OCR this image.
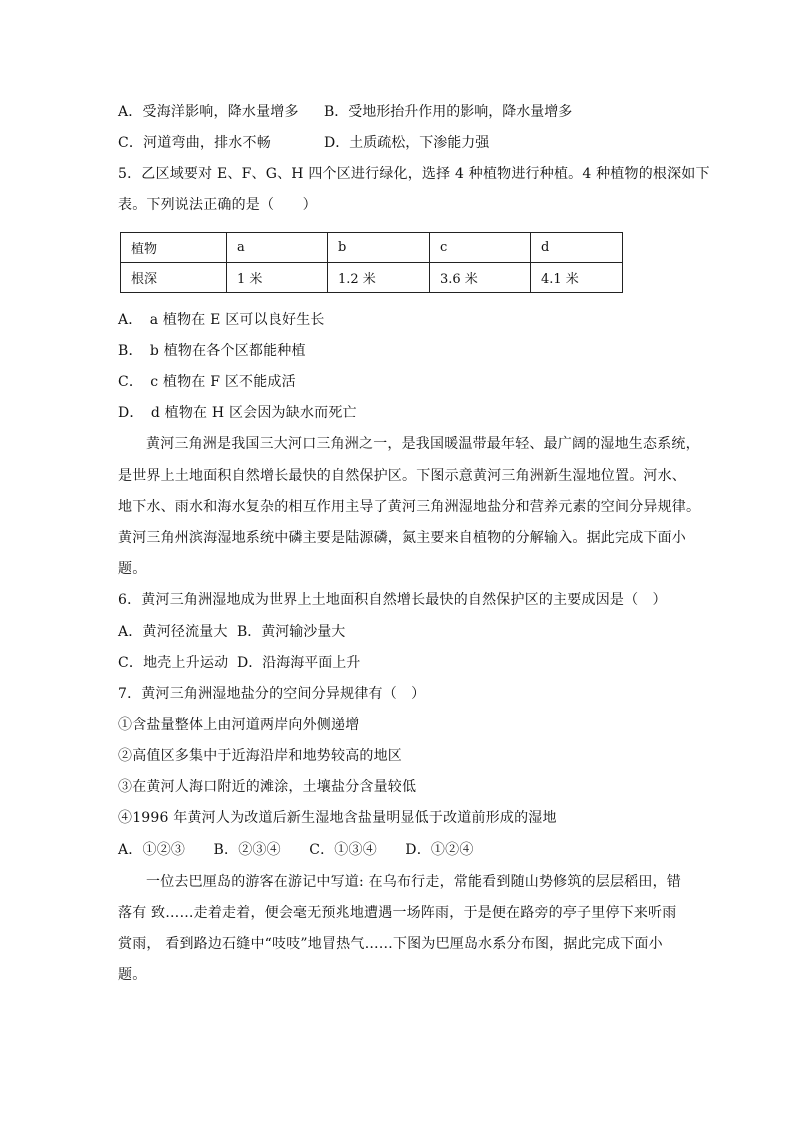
A．受海洋影响，降水量增多 B．受地形抬升作用的影响，降水量增多
C．河道弯曲，排水不畅	D．土质疏松，下渗能力强
5．乙区域要对 E、F、G、H 四个区进行绿化，选择 4 种植物进行种植。4 种植物的根深如下
表。下列说法正确的是（　　）
植物	a	b	c	d
根深	1 米	1.2 米	3.6 米	4.1 米
A．　a 植物在 E 区可以良好生长
B．　b 植物在各个区都能种植
C．　c 植物在 F 区不能成活
D．　d 植物在 H 区会因为缺水而死亡
黄河三角洲是我国三大河口三角洲之一，是我国暖温带最年轻、最广阔的湿地生态系统，
是世界上土地面积自然增长最快的自然保护区。下图示意黄河三角洲新生湿地位置。河水、
地下水、雨水和海水复杂的相互作用主导了黄河三角洲湿地盐分和营养元素的空间分异规律。
黄河三角州滨海湿地系统中磷主要是陆源磷，氮主要来自植物的分解输入。据此完成下面小
题。
6．黄河三角洲湿地成为世界上土地面积自然增长最快的自然保护区的主要成因是（　）
A．黄河径流量大 B．黄河输沙量大
C．地壳上升运动 D．沿海海平面上升
7．黄河三角洲湿地盐分的空间分异规律有（　）
①含盐量整体上由河道两岸向外侧递增
②高值区多集中于近海沿岸和地势较高的地区
③在黄河人海口附近的滩涂，土壤盐分含量较低
④1996 年黄河人为改道后新生湿地含盐量明显低于改道前形成的湿地
A．①②③　　B．②③④　　C．①③④　　D．①②④
一位去巴厘岛的游客在游记中写道: 在乌布行走，常能看到随山势修筑的层层稻田，错
落有 致……走着走着，便会毫无预兆地遭遇一场阵雨，于是便在路旁的亭子里停下来听雨
赏雨， 看到路边石缝中“吱吱”地冒热气……下图为巴厘岛水系分布图，据此完成下面小
题。
